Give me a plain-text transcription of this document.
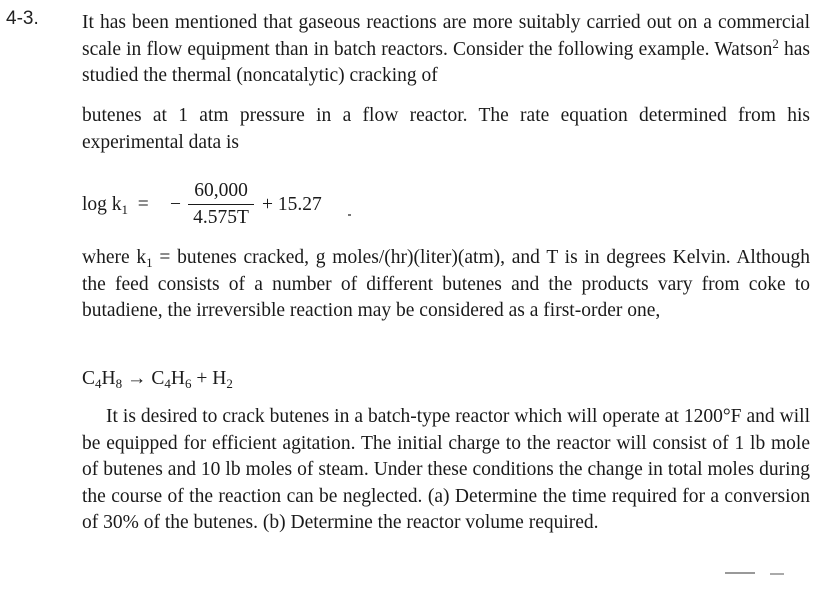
4-3. It has been mentioned that gaseous reactions are more suitably carried out on a commercial scale in flow equipment than in batch reactors. Consider the following example. Watson$^2$ has studied the thermal (noncatalytic) cracking of

butenes at 1 atm pressure in a flow reactor. The rate equation determined from his experimental data is

$\log k_1$ = −
60,000
4.575T
+ 15.27

where $k_1$ = butenes cracked, g moles/(hr)(liter)(atm), and T is in degrees Kelvin. Although the feed consists of a number of different butenes and the products vary from coke to butadiene, the irreversible reaction may be considered as a first-order one,

$C_4H_8 \to C_4H_6 + H_2$

It is desired to crack butenes in a batch-type reactor which will operate at 1200°F and will be equipped for efficient agitation. The initial charge to the reactor will consist of 1 lb mole of butenes and 10 lb moles of steam. Under these conditions the change in total moles during the course of the reaction can be neglected. (a) Determine the time required for a conversion of 30% of the butenes. (b) Determine the reactor volume required.
